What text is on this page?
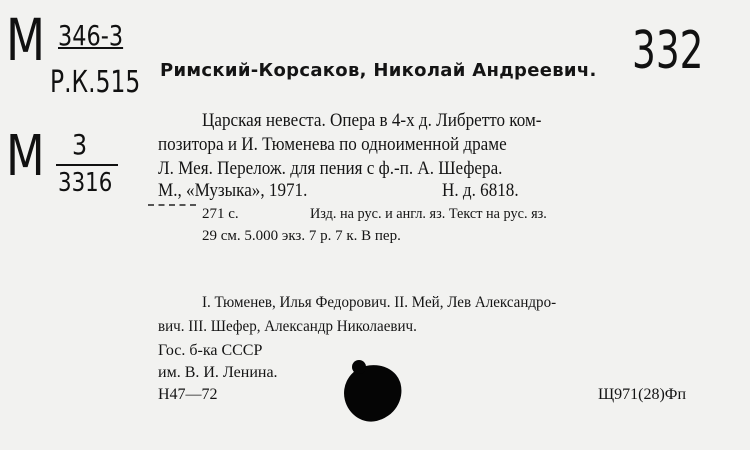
М 346-3
Р.К.515
332
М 3
3316
Римский-Корсаков, Николай Андреевич.
Царская невеста. Опера в 4-х д. Либретто ком-
позитора и И. Тюменева по одноименной драме
Л. Мея. Перелож. для пения с ф.-п. А. Шефера.
М., «Музыка», 1971.	Н. д. 6818.
271 с.	Изд. на рус. и англ. яз. Текст на рус. яз.
29 см. 5.000 экз. 7 р. 7 к. В пер.
I. Тюменев, Илья Федорович. II. Мей, Лев Александро-
вич. III. Шефер, Александр Николаевич.
Гос. б-ка СССР
им. В. И. Ленина.
Н47—72	Щ971(28)Фп
